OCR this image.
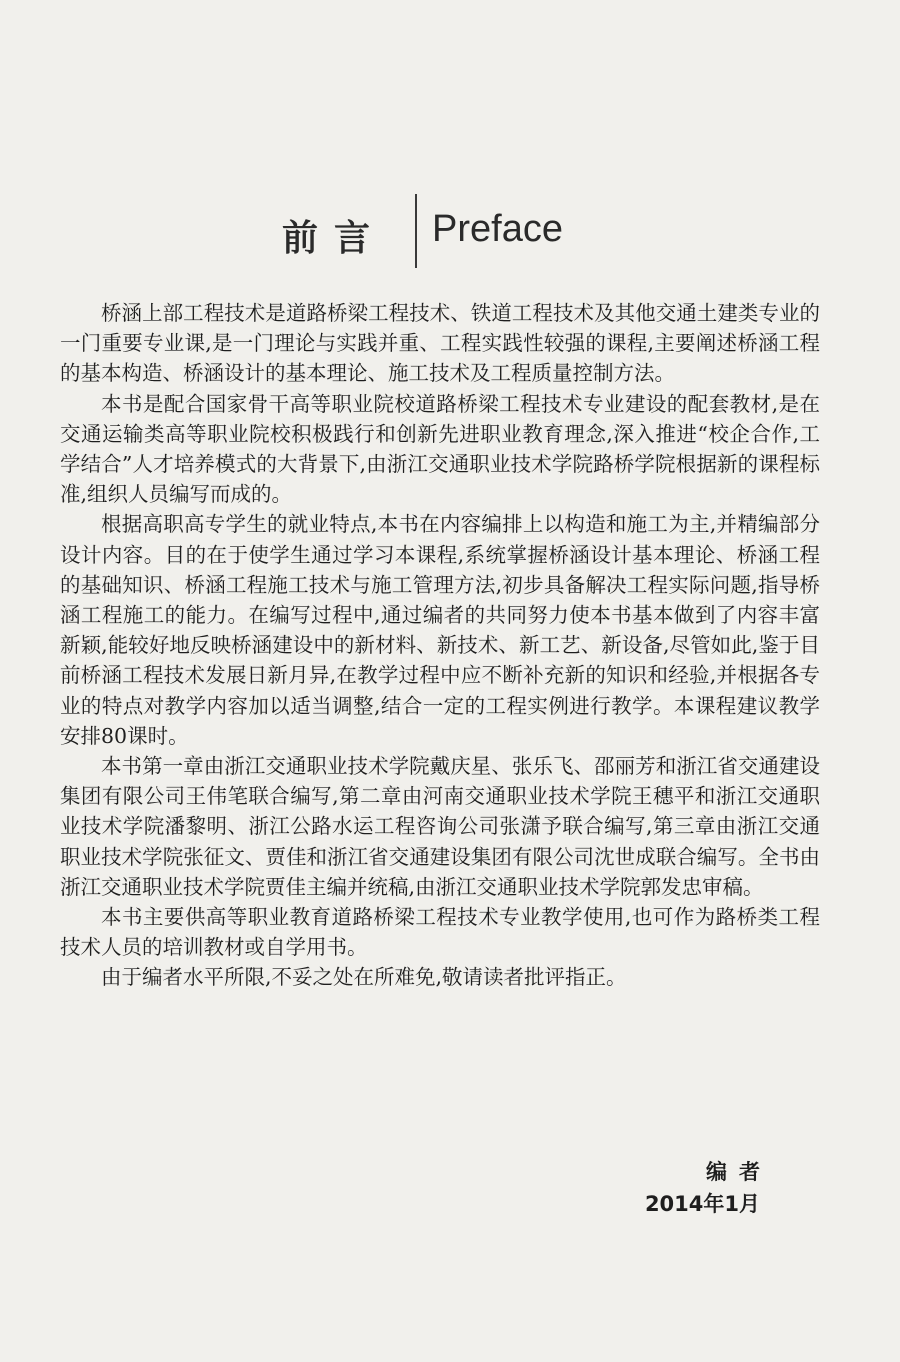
前言 Preface

桥涵上部工程技术是道路桥梁工程技术、铁道工程技术及其他交通土建类专业的一门重要专业课,是一门理论与实践并重、工程实践性较强的课程,主要阐述桥涵工程的基本构造、桥涵设计的基本理论、施工技术及工程质量控制方法。

本书是配合国家骨干高等职业院校道路桥梁工程技术专业建设的配套教材,是在交通运输类高等职业院校积极践行和创新先进职业教育理念,深入推进“校企合作,工学结合”人才培养模式的大背景下,由浙江交通职业技术学院路桥学院根据新的课程标准,组织人员编写而成的。

根据高职高专学生的就业特点,本书在内容编排上以构造和施工为主,并精编部分设计内容。目的在于使学生通过学习本课程,系统掌握桥涵设计基本理论、桥涵工程的基础知识、桥涵工程施工技术与施工管理方法,初步具备解决工程实际问题,指导桥涵工程施工的能力。在编写过程中,通过编者的共同努力使本书基本做到了内容丰富新颖,能较好地反映桥涵建设中的新材料、新技术、新工艺、新设备,尽管如此,鉴于目前桥涵工程技术发展日新月异,在教学过程中应不断补充新的知识和经验,并根据各专业的特点对教学内容加以适当调整,结合一定的工程实例进行教学。本课程建议教学安排80课时。

本书第一章由浙江交通职业技术学院戴庆星、张乐飞、邵丽芳和浙江省交通建设集团有限公司王伟笔联合编写,第二章由河南交通职业技术学院王穗平和浙江交通职业技术学院潘黎明、浙江公路水运工程咨询公司张潇予联合编写,第三章由浙江交通职业技术学院张征文、贾佳和浙江省交通建设集团有限公司沈世成联合编写。全书由浙江交通职业技术学院贾佳主编并统稿,由浙江交通职业技术学院郭发忠审稿。

本书主要供高等职业教育道路桥梁工程技术专业教学使用,也可作为路桥类工程技术人员的培训教材或自学用书。

由于编者水平所限,不妥之处在所难免,敬请读者批评指正。

编者
2014年1月
